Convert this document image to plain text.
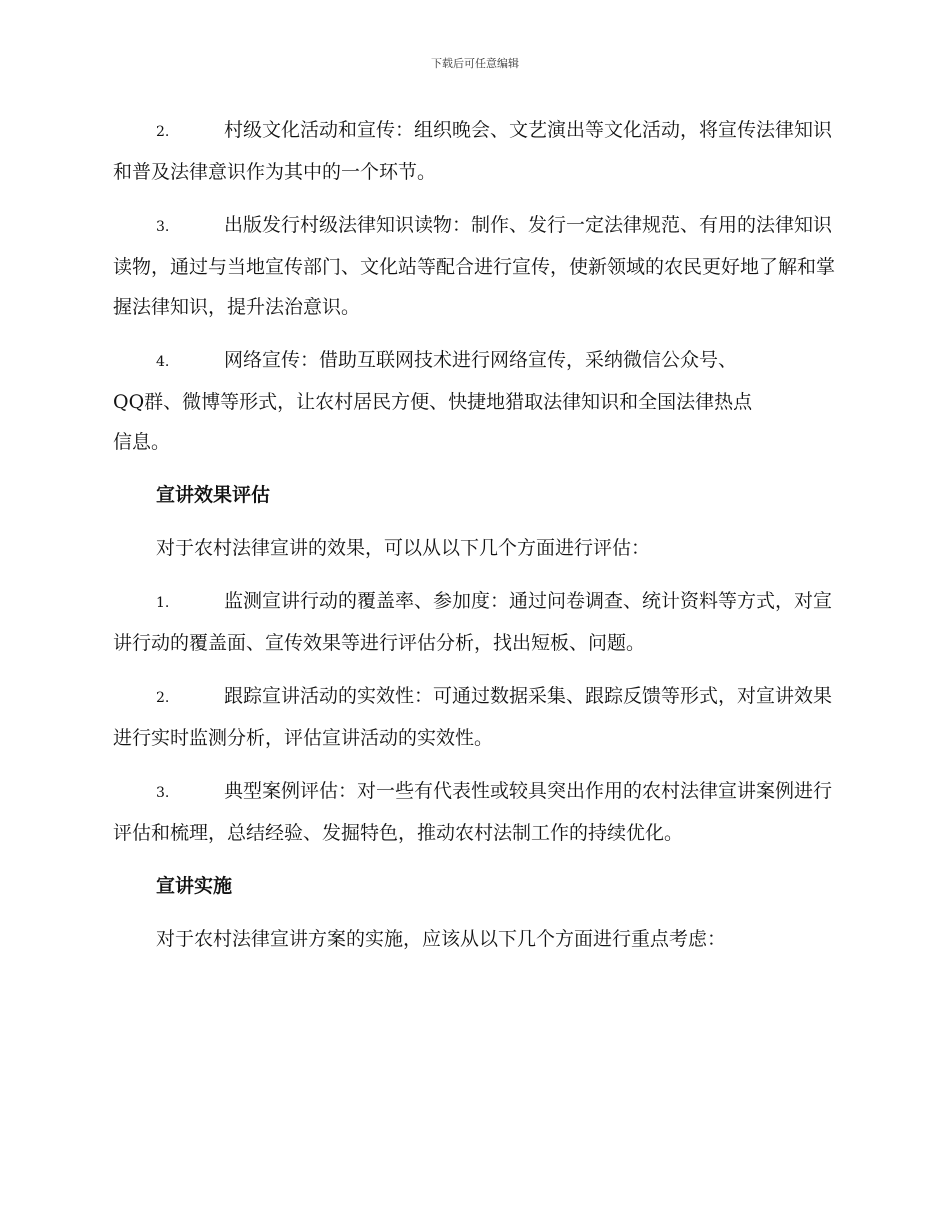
下载后可任意编辑

2.	村级文化活动和宣传：组织晚会、文艺演出等文化活动，将宣传法律知识和普及法律意识作为其中的一个环节。

3.	出版发行村级法律知识读物：制作、发行一定法律规范、有用的法律知识读物，通过与当地宣传部门、文化站等配合进行宣传，使新领域的农民更好地了解和掌握法律知识，提升法治意识。

4.	网络宣传：借助互联网技术进行网络宣传，采纳微信公众号、QQ群、微博等形式，让农村居民方便、快捷地猎取法律知识和全国法律热点信息。

宣讲效果评估

对于农村法律宣讲的效果，可以从以下几个方面进行评估：

1.	监测宣讲行动的覆盖率、参加度：通过问卷调查、统计资料等方式，对宣讲行动的覆盖面、宣传效果等进行评估分析，找出短板、问题。

2.	跟踪宣讲活动的实效性：可通过数据采集、跟踪反馈等形式，对宣讲效果进行实时监测分析，评估宣讲活动的实效性。

3.	典型案例评估：对一些有代表性或较具突出作用的农村法律宣讲案例进行评估和梳理，总结经验、发掘特色，推动农村法制工作的持续优化。

宣讲实施

对于农村法律宣讲方案的实施，应该从以下几个方面进行重点考虑：
